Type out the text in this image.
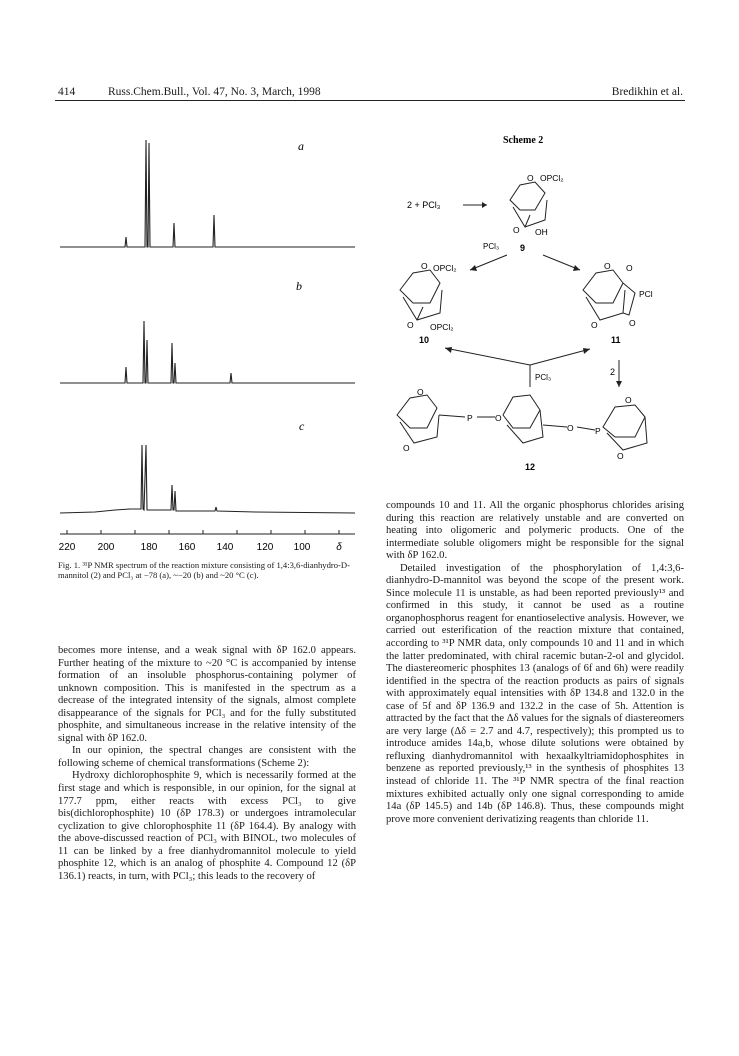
414	Russ.Chem.Bull., Vol. 47, No. 3, March, 1998	Bredikhin et al.
a
b
c
220 200	180 160 140 120 100	δ
Fig. 1. ³¹P NMR spectrum of the reaction mixture consisting of 1,4:3,6-dianhydro-D-mannitol (2) and PCl₃ at −78 (a), ~−20 (b) and ~20 °C (c).
Scheme 2
2 + PCl₃
O OPCl₂
O OH
PCl₃ 9
O OPCl₂
O OPCl₂
10
O O
PCl
O	O
11
PCl₃
2
O
O
P	O
O	P
O
O
12

becomes more intense, and a weak signal with δP 162.0 appears. Further heating of the mixture to ~20 °C is accompanied by intense formation of an insoluble phosphorus-containing polymer of unknown composition. This is manifested in the spectrum as a decrease of the integrated intensity of the signals, almost complete disappearance of the signals for PCl₃ and for the fully substituted phosphite, and simultaneous increase in the relative intensity of the signal with δP 162.0.

In our opinion, the spectral changes are consistent with the following scheme of chemical transformations (Scheme 2):

Hydroxy dichlorophosphite 9, which is necessarily formed at the first stage and which is responsible, in our opinion, for the signal at 177.7 ppm, either reacts with excess PCl₃ to give bis(dichlorophosphite) 10 (δP 178.3) or undergoes intramolecular cyclization to give chlorophosphite 11 (δP 164.4). By analogy with the above-discussed reaction of PCl₃ with BINOL, two molecules of 11 can be linked by a free dianhydromannitol molecule to yield phosphite 12, which is an analog of phosphite 4. Compound 12 (δP 136.1) reacts, in turn, with PCl₃; this leads to the recovery of

compounds 10 and 11. All the organic phosphorus chlorides arising during this reaction are relatively unstable and are converted on heating into oligomeric and polymeric products. One of the intermediate soluble oligomers might be responsible for the signal with δP 162.0.

Detailed investigation of the phosphorylation of 1,4:3,6-dianhydro-D-mannitol was beyond the scope of the present work. Since molecule 11 is unstable, as had been reported previously¹³ and confirmed in this study, it cannot be used as a routine organophosphorus reagent for enantioselective analysis. However, we carried out esterification of the reaction mixture that contained, according to ³¹P NMR data, only compounds 10 and 11 and in which the latter predominated, with chiral racemic butan-2-ol and glycidol. The diastereomeric phosphites 13 (analogs of 6f and 6h) were readily identified in the spectra of the reaction products as pairs of signals with approximately equal intensities with δP 134.8 and 132.0 in the case of 5f and δP 136.9 and 132.2 in the case of 5h. Attention is attracted by the fact that the Δδ values for the signals of diastereomers are very large (Δδ = 2.7 and 4.7, respectively); this prompted us to introduce amides 14a,b, whose dilute solutions were obtained by refluxing dianhydromannitol with hexaalkyltriamidophosphites in benzene as reported previously,¹³ in the synthesis of phosphites 13 instead of chloride 11. The ³¹P NMR spectra of the final reaction mixtures exhibited actually only one signal corresponding to amide 14a (δP 145.5) and 14b (δP 146.8). Thus, these compounds might prove more convenient derivatizing reagents than chloride 11.
